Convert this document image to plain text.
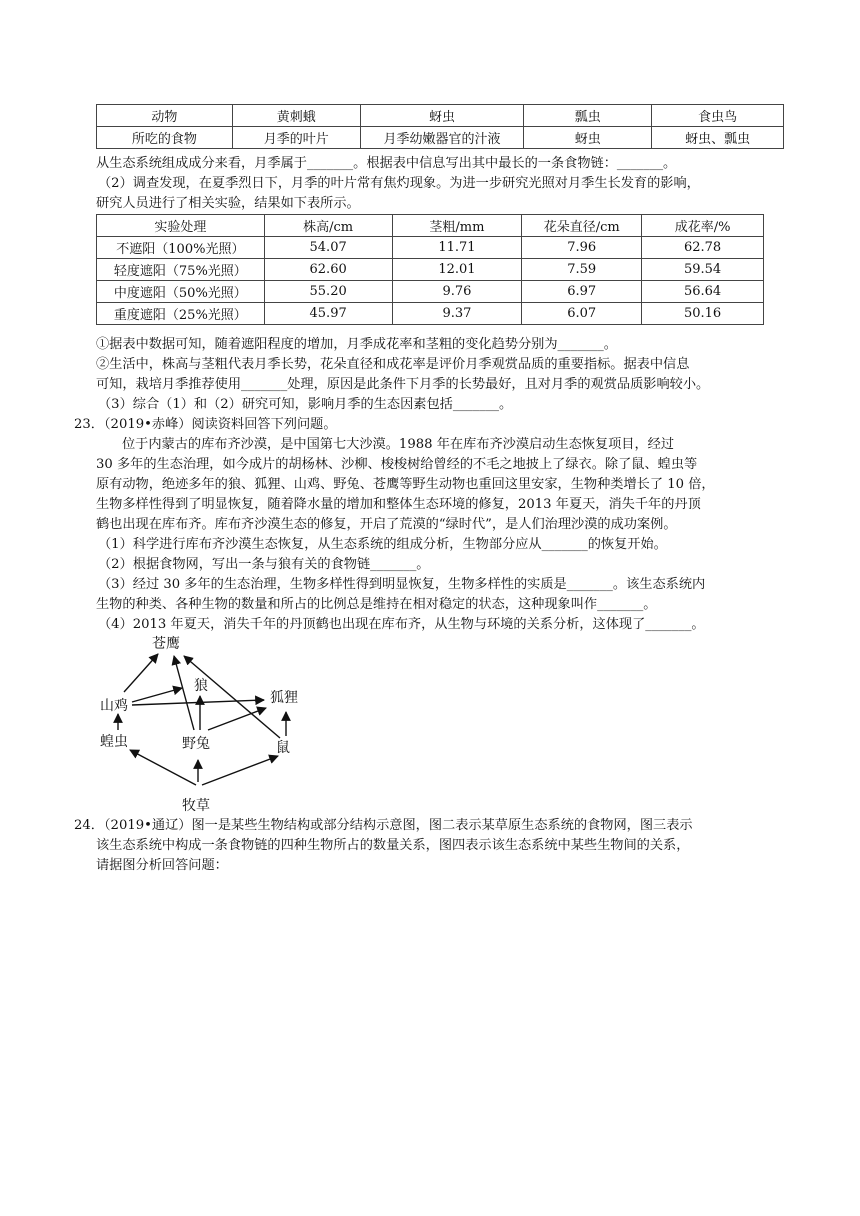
动物	黄刺蛾	蚜虫	瓢虫	食虫鸟
所吃的食物	月季的叶片	月季幼嫩器官的汁液	蚜虫	蚜虫、瓢虫
从生态系统组成成分来看，月季属于_______。根据表中信息写出其中最长的一条食物链：_______。
（2）调查发现，在夏季烈日下，月季的叶片常有焦灼现象。为进一步研究光照对月季生长发育的影响，
研究人员进行了相关实验，结果如下表所示。
实验处理	株高/cm	茎粗/mm	花朵直径/cm	成花率/%
不遮阳（100%光照）	54.07	11.71	7.96	62.78
轻度遮阳（75%光照）	62.60	12.01	7.59	59.54
中度遮阳（50%光照）	55.20	9.76	6.97	56.64
重度遮阳（25%光照）	45.97	9.37	6.07	50.16
①据表中数据可知，随着遮阳程度的增加，月季成花率和茎粗的变化趋势分别为_______。
②生活中，株高与茎粗代表月季长势，花朵直径和成花率是评价月季观赏品质的重要指标。据表中信息
可知，栽培月季推荐使用_______处理，原因是此条件下月季的长势最好，且对月季的观赏品质影响较小。
（3）综合（1）和（2）研究可知，影响月季的生态因素包括_______。
23．（2019•赤峰）阅读资料回答下列问题。
位于内蒙古的库布齐沙漠，是中国第七大沙漠。1988 年在库布齐沙漠启动生态恢复项目，经过
30 多年的生态治理，如今成片的胡杨林、沙柳、梭梭树给曾经的不毛之地披上了绿衣。除了鼠、蝗虫等
原有动物，绝迹多年的狼、狐狸、山鸡、野兔、苍鹰等野生动物也重回这里安家，生物种类增长了 10 倍，
生物多样性得到了明显恢复，随着降水量的增加和整体生态环境的修复，2013 年夏天，消失千年的丹顶
鹤也出现在库布齐。库布齐沙漠生态的修复，开启了荒漠的“绿时代”，是人们治理沙漠的成功案例。
（1）科学进行库布齐沙漠生态恢复，从生态系统的组成分析，生物部分应从_______的恢复开始。
（2）根据食物网，写出一条与狼有关的食物链_______。
（3）经过 30 多年的生态治理，生物多样性得到明显恢复，生物多样性的实质是_______。该生态系统内
生物的种类、各种生物的数量和所占的比例总是维持在相对稳定的状态，这种现象叫作_______。
（4）2013 年夏天，消失千年的丹顶鹤也出现在库布齐，从生物与环境的关系分析，这体现了_______。
苍鹰
狼
狐狸
山鸡
蝗虫	野兔	鼠
牧草
24．（2019•通辽）图一是某些生物结构或部分结构示意图，图二表示某草原生态系统的食物网，图三表示
该生态系统中构成一条食物链的四种生物所占的数量关系，图四表示该生态系统中某些生物间的关系，
请据图分析回答问题：
